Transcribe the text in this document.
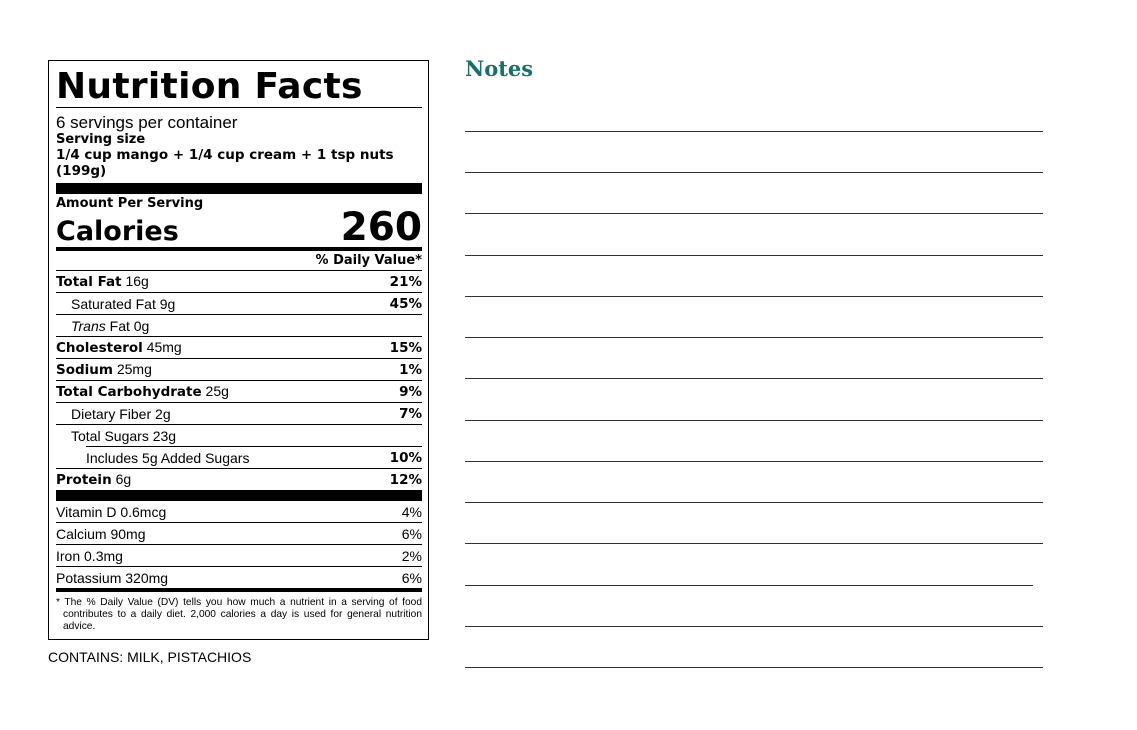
Nutrition Facts
6 servings per container
Serving size
1/4 cup mango + 1/4 cup cream + 1 tsp nuts (199g)
Amount Per Serving
Calories	260
% Daily Value*
Total Fat 16g	21%
Saturated Fat 9g	45%
Trans Fat 0g
Cholesterol 45mg	15%
Sodium 25mg	1%
Total Carbohydrate 25g	9%
Dietary Fiber 2g	7%
Total Sugars 23g
Includes 5g Added Sugars	10%
Protein 6g	12%
Vitamin D 0.6mcg	4%
Calcium 90mg	6%
Iron 0.3mg	2%
Potassium 320mg	6%
* The % Daily Value (DV) tells you how much a nutrient in a serving of food contributes to a daily diet. 2,000 calories a day is used for general nutrition advice.
CONTAINS: MILK, PISTACHIOS
Notes
